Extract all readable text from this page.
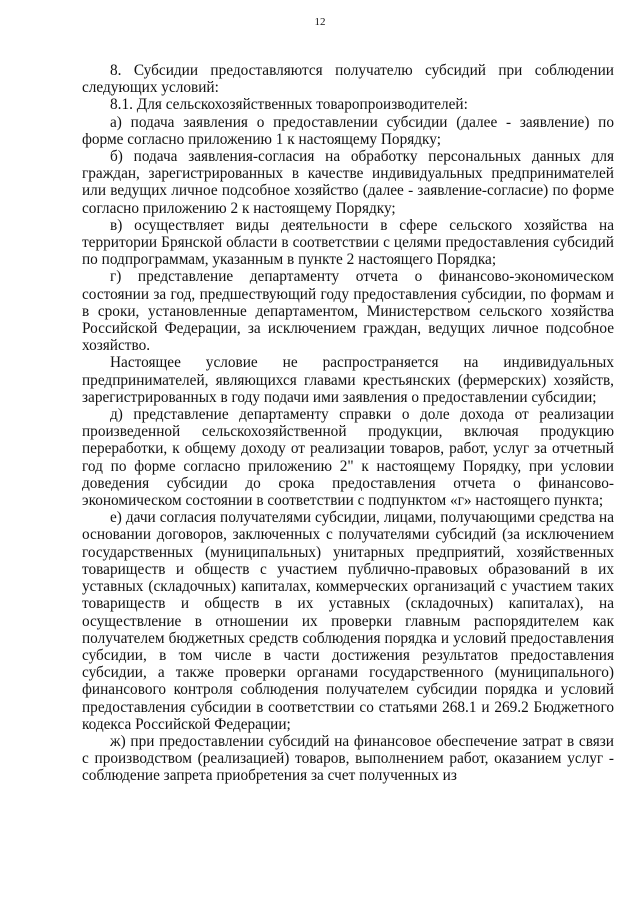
12

8. Субсидии предоставляются получателю субсидий при соблюдении следующих условий:

8.1. Для сельскохозяйственных товаропроизводителей:

а) подача заявления о предоставлении субсидии (далее - заявление) по форме согласно приложению 1 к настоящему Порядку;

б) подача заявления-согласия на обработку персональных данных для граждан, зарегистрированных в качестве индивидуальных предпринимателей или ведущих личное подсобное хозяйство (далее - заявление-согласие) по форме согласно приложению 2 к настоящему Порядку;

в) осуществляет виды деятельности в сфере сельского хозяйства на территории Брянской области в соответствии с целями предоставления субсидий по подпрограммам, указанным в пункте 2 настоящего Порядка;

г) представление департаменту отчета о финансово-экономическом состоянии за год, предшествующий году предоставления субсидии, по формам и в сроки, установленные департаментом, Министерством сельского хозяйства Российской Федерации, за исключением граждан, ведущих личное подсобное хозяйство.

Настоящее условие не распространяется на индивидуальных предпринимателей, являющихся главами крестьянских (фермерских) хозяйств, зарегистрированных в году подачи ими заявления о предоставлении субсидии;

д) представление департаменту справки о доле дохода от реализации произведенной сельскохозяйственной продукции, включая продукцию переработки, к общему доходу от реализации товаров, работ, услуг за отчетный год по форме согласно приложению 2" к настоящему Порядку, при условии доведения субсидии до срока предоставления отчета о финансово-экономическом состоянии в соответствии с подпунктом «г» настоящего пункта;

е) дачи согласия получателями субсидии, лицами, получающими средства на основании договоров, заключенных с получателями субсидий (за исключением государственных (муниципальных) унитарных предприятий, хозяйственных товариществ и обществ с участием публично-правовых образований в их уставных (складочных) капиталах, коммерческих организаций с участием таких товариществ и обществ в их уставных (складочных) капиталах), на осуществление в отношении их проверки главным распорядителем как получателем бюджетных средств соблюдения порядка и условий предоставления субсидии, в том числе в части достижения результатов предоставления субсидии, а также проверки органами государственного (муниципального) финансового контроля соблюдения получателем субсидии порядка и условий предоставления субсидии в соответствии со статьями 268.1 и 269.2 Бюджетного кодекса Российской Федерации;

ж) при предоставлении субсидий на финансовое обеспечение затрат в связи с производством (реализацией) товаров, выполнением работ, оказанием услуг - соблюдение запрета приобретения за счет полученных из
